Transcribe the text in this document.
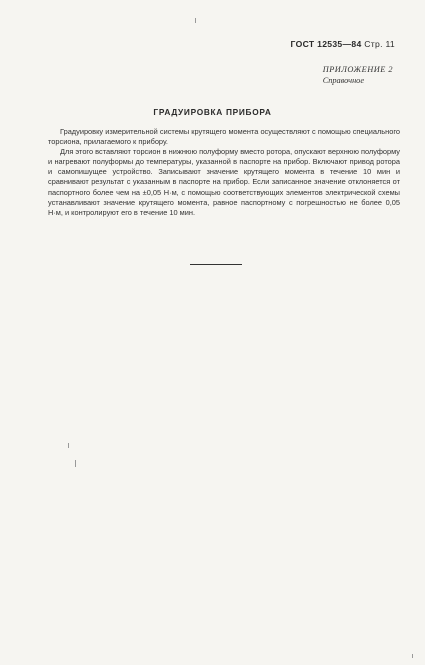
ГОСТ 12535—84 Стр. 11
ПРИЛОЖЕНИЕ 2
Справочное
ГРАДУИРОВКА ПРИБОРА

Градуировку измерительной системы крутящего момента осуществляют с помощью специального торсиона, прилагаемого к прибору.

Для этого вставляют торсион в нижнюю полуформу вместо ротора, опускают верхнюю полуформу и нагревают полуформы до температуры, указанной в паспорте на прибор. Включают привод ротора и самопишущее устройство. Записывают значение крутящего момента в течение 10 мин и сравнивают результат с указанным в паспорте на прибор. Если записанное значение отклоняется от паспортного более чем на ±0,05 Н·м, с помощью соответствующих элементов электрической схемы устанавливают значение крутящего момента, равное паспортному с погрешностью не более 0,05 Н·м, и контролируют его в течение 10 мин.
